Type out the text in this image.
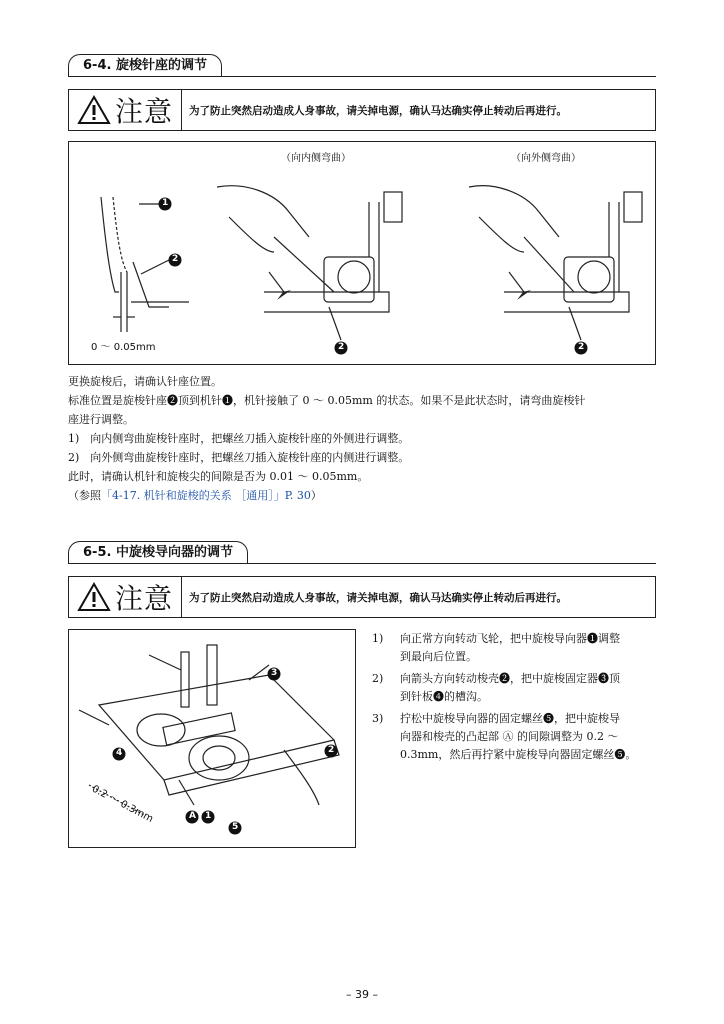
6-4. 旋梭针座的调节
注意 为了防止突然启动造成人身事故，请关掉电源，确认马达确实停止转动后再进行。
（向内侧弯曲）	（向外侧弯曲）
1
2
2	2
0 ～ 0.05mm

更换旋梭后，请确认针座位置。

标准位置是旋梭针座❷顶到机针❶，机针接触了 0 ～ 0.05mm 的状态。如果不是此状态时，请弯曲旋梭针

座进行调整。

1)　向内侧弯曲旋梭针座时，把螺丝刀插入旋梭针座的外侧进行调整。

2)　向外侧弯曲旋梭针座时，把螺丝刀插入旋梭针座的内侧进行调整。

此时，请确认机针和旋梭尖的间隙是否为 0.01 ～ 0.05mm。

（参照「4-17. 机针和旋梭的关系 ［通用］」P. 30）

6-5. 中旋梭导向器的调节
注意 为了防止突然启动造成人身事故，请关掉电源，确认马达确实停止转动后再进行。
3
2
4
1
5
A
0.2 ～ 0.3mm
1) 向正常方向转动飞轮，把中旋梭导向器❶调整

到最向后位置。

2) 向箭头方向转动梭壳❷，把中旋梭固定器❸顶

到针板❹的槽沟。

3) 拧松中旋梭导向器的固定螺丝❺，把中旋梭导

向器和梭壳的凸起部 Ⓐ 的间隙调整为 0.2 ～

0.3mm，然后再拧紧中旋梭导向器固定螺丝❺。

– 39 –
